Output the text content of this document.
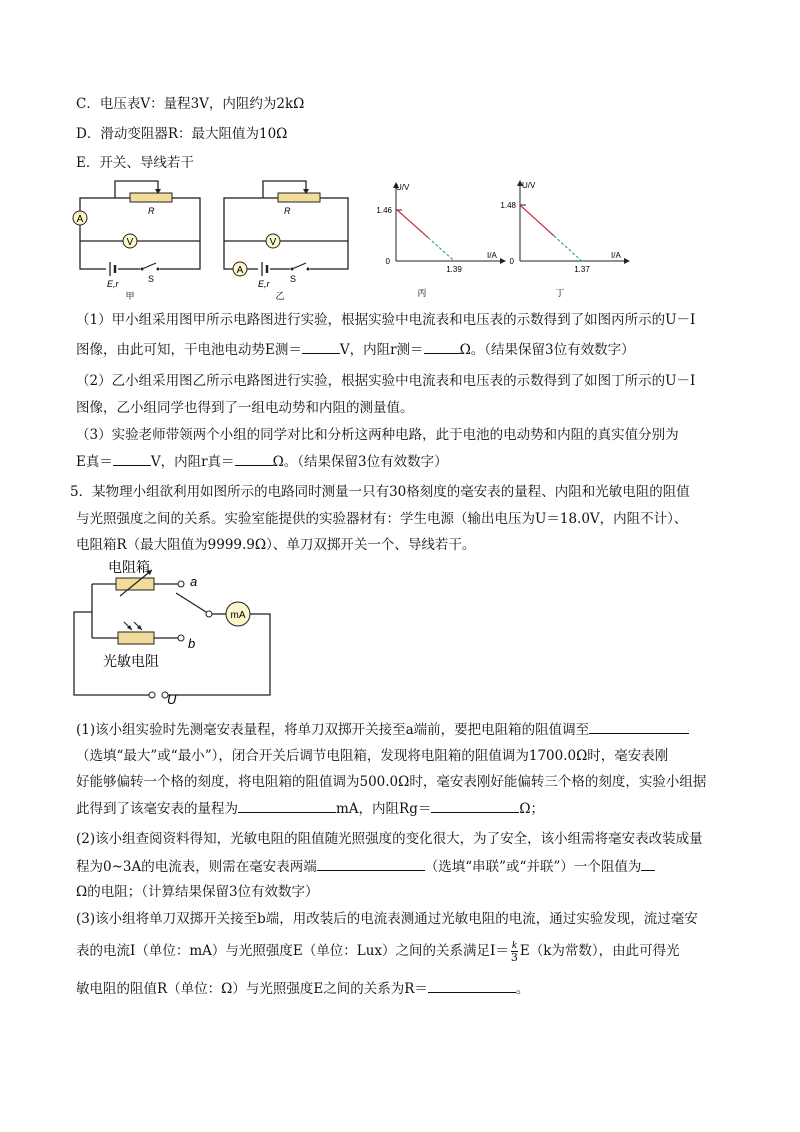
C．电压表V：量程3V，内阻约为2kΩ
D．滑动变阻器R：最大阻值为10Ω
E．开关、导线若干
A
V
R
E,r	S
甲
V
A
R
E,r S
乙
U/V
I/A
1.46
0
1.39
丙
U/V
I/A
1.48
0
1.37
丁
（1）甲小组采用图甲所示电路图进行实验，根据实验中电流表和电压表的示数得到了如图丙所示的U－I
图像，由此可知，干电池电动势E测＝	V，内阻r测＝	Ω。（结果保留3位有效数字）
（2）乙小组采用图乙所示电路图进行实验，根据实验中电流表和电压表的示数得到了如图丁所示的U－I
图像，乙小组同学也得到了一组电动势和内阻的测量值。
（3）实验老师带领两个小组的同学对比和分析这两种电路，此于电池的电动势和内阻的真实值分别为
E真＝	V，内阻r真＝	Ω。（结果保留3位有效数字）
5．某物理小组欲利用如图所示的电路同时测量一只有30格刻度的毫安表的量程、内阻和光敏电阻的阻值
与光照强度之间的关系。实验室能提供的实验器材有：学生电源（输出电压为U＝18.0V，内阻不计）、
电阻箱R（最大阻值为9999.9Ω）、单刀双掷开关一个、导线若干。
mA
电阻箱
光敏电阻
a
b
U
(1)该小组实验时先测毫安表量程，将单刀双掷开关接至a端前，要把电阻箱的阻值调至
（选填“最大”或“最小”），闭合开关后调节电阻箱，发现将电阻箱的阻值调为1700.0Ω时，毫安表刚
好能够偏转一个格的刻度，将电阻箱的阻值调为500.0Ω时，毫安表刚好能偏转三个格的刻度，实验小组据
此得到了该毫安表的量程为	mA，内阻Rg＝	Ω；
(2)该小组查阅资料得知，光敏电阻的阻值随光照强度的变化很大，为了安全，该小组需将毫安表改装成量
程为0~3A的电流表，则需在毫安表两端	（选填“串联”或“并联”）一个阻值为
Ω的电阻；（计算结果保留3位有效数字）
(3)该小组将单刀双掷开关接至b端，用改装后的电流表测通过光敏电阻的电流，通过实验发现，流过毫安
表的电流I（单位：mA）与光照强度E（单位：Lux）之间的关系满足$I= \frac{k}{3} E(k$为常数），由此可得光
敏电阻的阻值R（单位：Ω）与光照强度E之间的关系为R＝	。
